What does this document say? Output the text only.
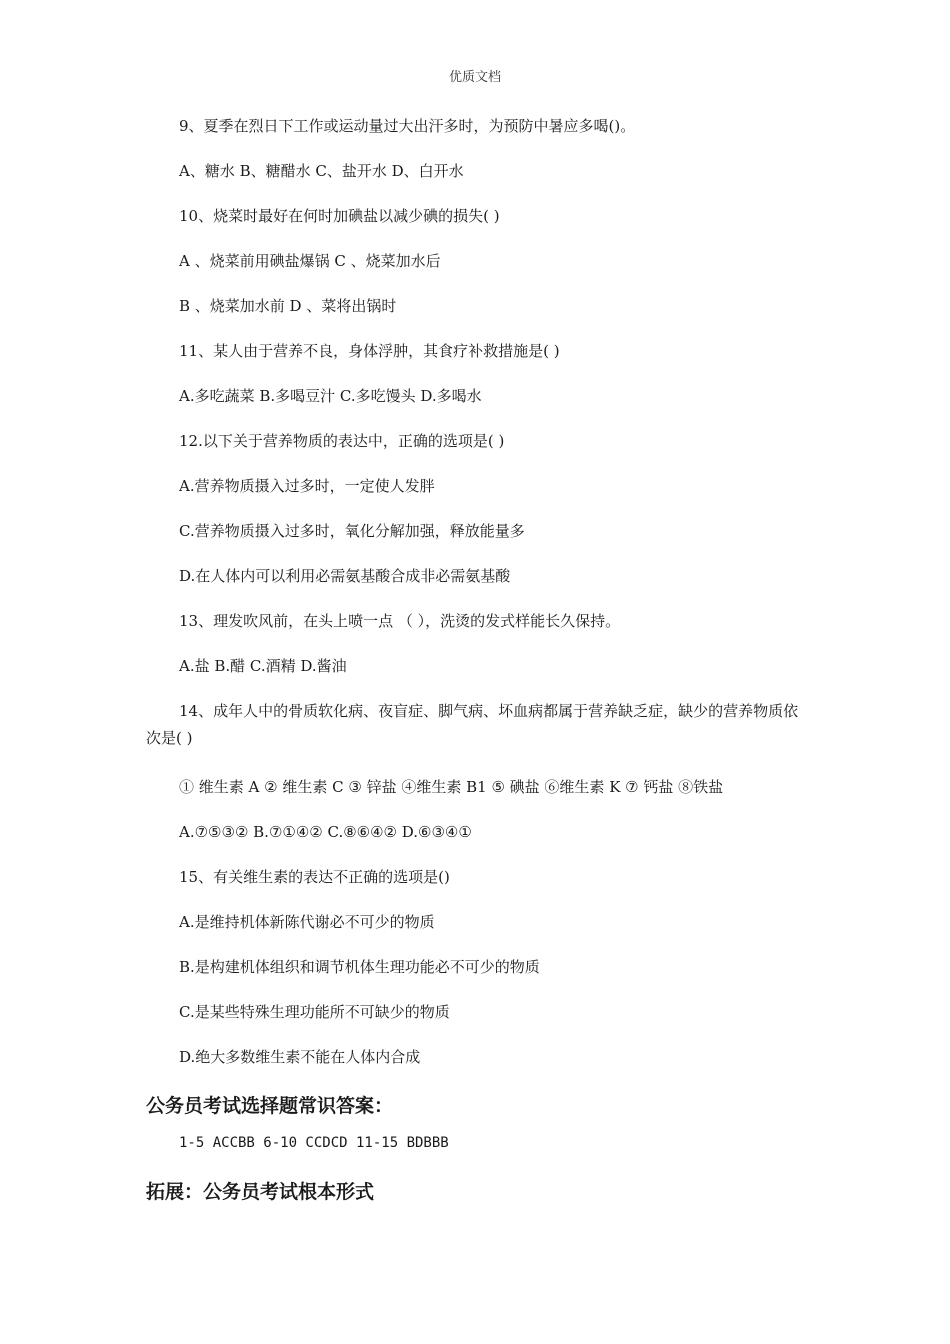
优质文档
9、夏季在烈日下工作或运动量过大出汗多时，为预防中暑应多喝()。
A、糖水 B、糖醋水 C、盐开水 D、白开水
10、烧菜时最好在何时加碘盐以减少碘的损失( )
A 、烧菜前用碘盐爆锅 C 、烧菜加水后
B 、烧菜加水前 D 、菜将出锅时
11、某人由于营养不良，身体浮肿，其食疗补救措施是( )
A.多吃蔬菜 B.多喝豆汁 C.多吃馒头 D.多喝水
12.以下关于营养物质的表达中，正确的选项是( )
A.营养物质摄入过多时，一定使人发胖
C.营养物质摄入过多时，氧化分解加强，释放能量多
D.在人体内可以利用必需氨基酸合成非必需氨基酸
13、理发吹风前，在头上喷一点 （ ），洗烫的发式样能长久保持。
A.盐 B.醋 C.酒精 D.酱油
14、成年人中的骨质软化病、夜盲症、脚气病、坏血病都属于营养缺乏症，缺少的营养物质依次是( )
① 维生素 A ② 维生素 C ③ 锌盐 ④维生素 B1 ⑤ 碘盐 ⑥维生素 K ⑦ 钙盐 ⑧铁盐
A.⑦⑤③② B.⑦①④② C.⑧⑥④② D.⑥③④①
15、有关维生素的表达不正确的选项是()
A.是维持机体新陈代谢必不可少的物质
B.是构建机体组织和调节机体生理功能必不可少的物质
C.是某些特殊生理功能所不可缺少的物质
D.绝大多数维生素不能在人体内合成
公务员考试选择题常识答案：
1-5 ACCBB 6-10 CCDCD 11-15 BDBBB
拓展：公务员考试根本形式
